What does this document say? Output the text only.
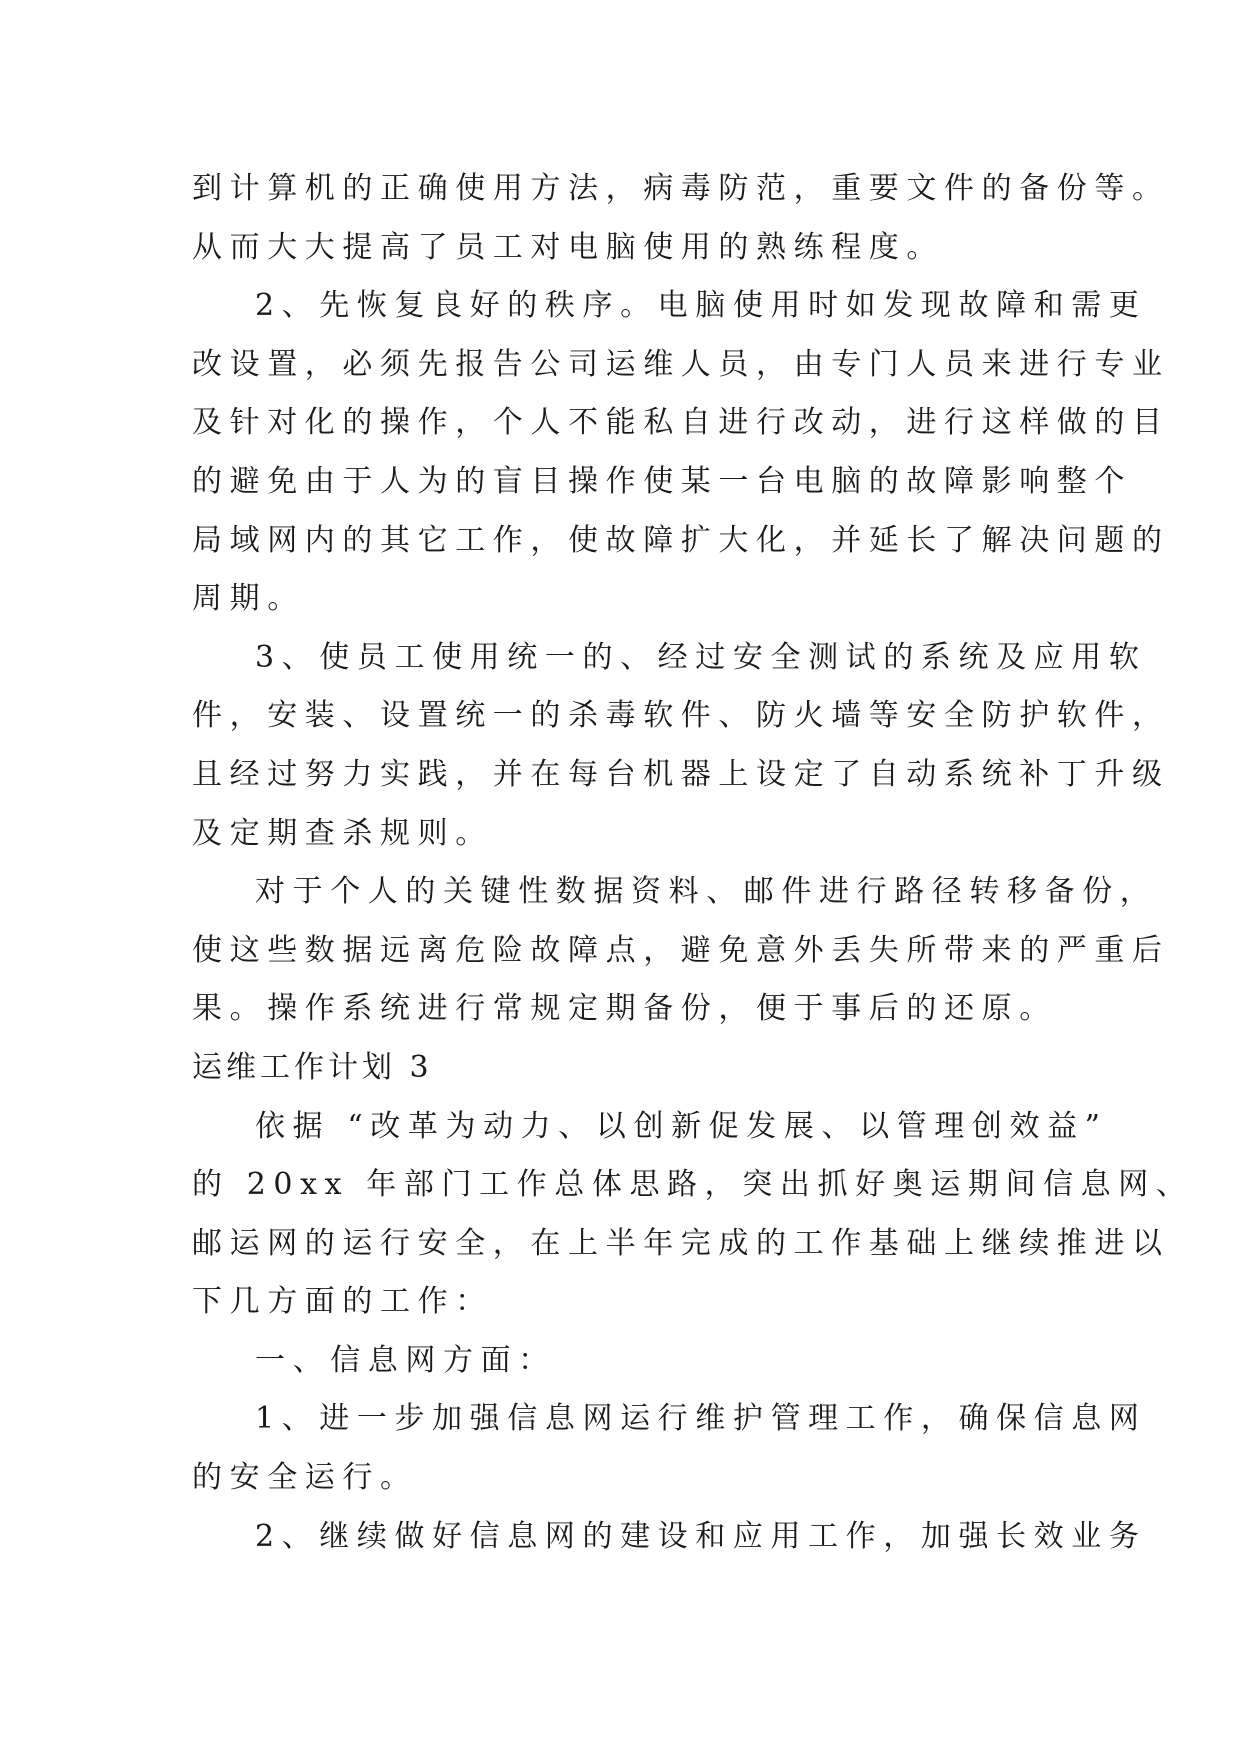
到计算机的正确使用方法，病毒防范，重要文件的备份等。
从而大大提高了员工对电脑使用的熟练程度。
2、先恢复良好的秩序。电脑使用时如发现故障和需更
改设置，必须先报告公司运维人员，由专门人员来进行专业
及针对化的操作，个人不能私自进行改动，进行这样做的目
的避免由于人为的盲目操作使某一台电脑的故障影响整个
局域网内的其它工作，使故障扩大化，并延长了解决问题的
周期。
3、使员工使用统一的、经过安全测试的系统及应用软
件，安装、设置统一的杀毒软件、防火墙等安全防护软件，
且经过努力实践，并在每台机器上设定了自动系统补丁升级
及定期查杀规则。
对于个人的关键性数据资料、邮件进行路径转移备份，
使这些数据远离危险故障点，避免意外丢失所带来的严重后
果。操作系统进行常规定期备份，便于事后的还原。
运维工作计划 3
依据 “改革为动力、以创新促发展、以管理创效益”
的 20xx 年部门工作总体思路，突出抓好奥运期间信息网、
邮运网的运行安全，在上半年完成的工作基础上继续推进以
下几方面的工作：
一、信息网方面：
1、进一步加强信息网运行维护管理工作，确保信息网
的安全运行。
2、继续做好信息网的建设和应用工作，加强长效业务
